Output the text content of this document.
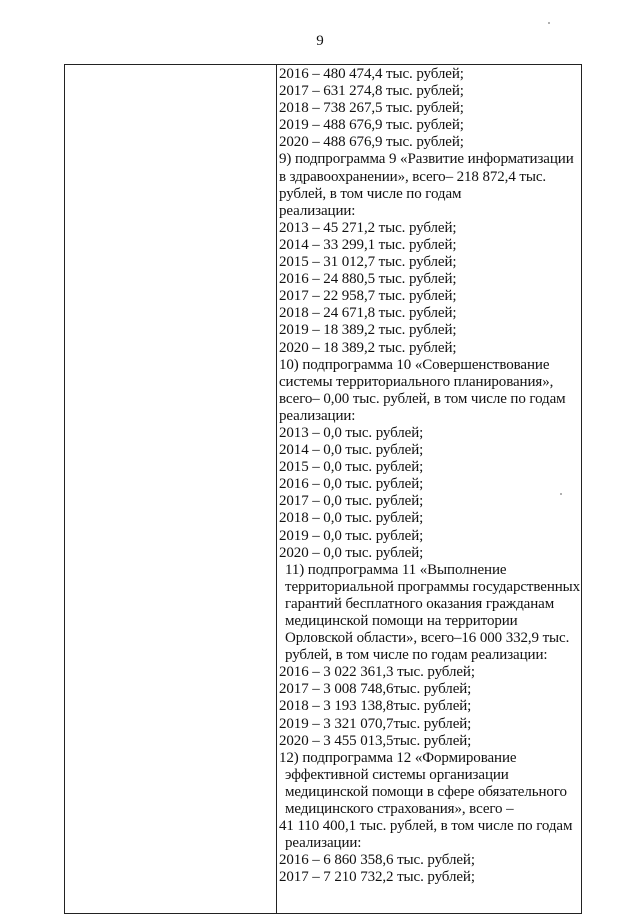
9
2016 – 480 474,4 тыс. рублей;
2017 – 631 274,8 тыс. рублей;
2018 – 738 267,5 тыс. рублей;
2019 – 488 676,9 тыс. рублей;
2020 – 488 676,9 тыс. рублей;
9) подпрограмма 9 «Развитие информатизации
в здравоохранении», всего– 218 872,4 тыс.
рублей, в том числе по годам
реализации:
2013 – 45 271,2 тыс. рублей;
2014 – 33 299,1 тыс. рублей;
2015 – 31 012,7 тыс. рублей;
2016 – 24 880,5 тыс. рублей;
2017 – 22 958,7 тыс. рублей;
2018 – 24 671,8 тыс. рублей;
2019 – 18 389,2 тыс. рублей;
2020 – 18 389,2 тыс. рублей;
10) подпрограмма 10 «Совершенствование
системы территориального планирования»,
всего– 0,00 тыс. рублей, в том числе по годам
реализации:
2013 – 0,0 тыс. рублей;
2014 – 0,0 тыс. рублей;
2015 – 0,0 тыс. рублей;
2016 – 0,0 тыс. рублей;
2017 – 0,0 тыс. рублей;
2018 – 0,0 тыс. рублей;
2019 – 0,0 тыс. рублей;
2020 – 0,0 тыс. рублей;
11) подпрограмма 11 «Выполнение
территориальной программы государственных
гарантий бесплатного оказания гражданам
медицинской помощи на территории
Орловской области», всего–16 000 332,9 тыс.
рублей, в том числе по годам реализации:
2016 – 3 022 361,3 тыс. рублей;
2017 – 3 008 748,6тыс. рублей;
2018 – 3 193 138,8тыс. рублей;
2019 – 3 321 070,7тыс. рублей;
2020 – 3 455 013,5тыс. рублей;
12) подпрограмма 12 «Формирование
эффективной системы организации
медицинской помощи в сфере обязательного
медицинского страхования», всего –
41 110 400,1 тыс. рублей, в том числе по годам
реализации:
2016 – 6 860 358,6 тыс. рублей;
2017 – 7 210 732,2 тыс. рублей;
